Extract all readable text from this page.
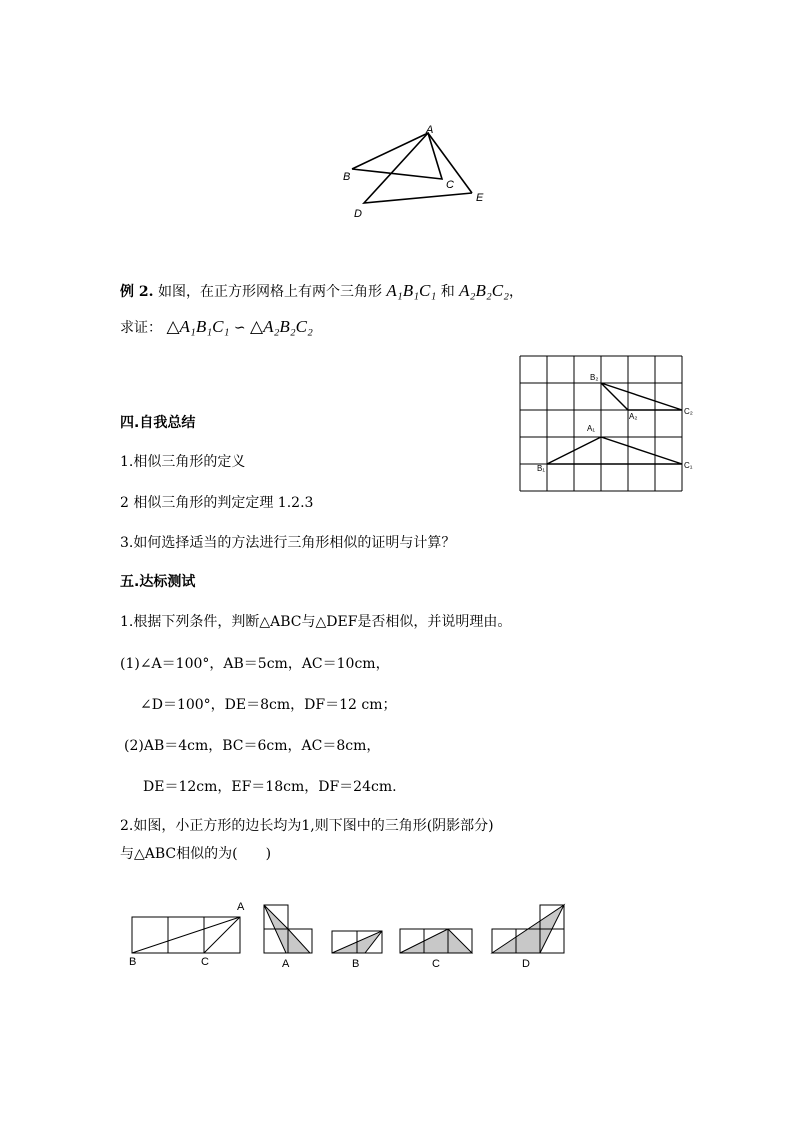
A
B
C
D
E
例 2. 如图，在正方形网格上有两个三角形 A₁B₁C₁ 和 A₂B₂C₂，
求证： △A₁B₁C₁ ∽ △A₂B₂C₂
B₂
A₂
C₂
A₁
B₁	C₁
四.自我总结
1.相似三角形的定义
2 相似三角形的判定定理 1.2.3
3.如何选择适当的方法进行三角形相似的证明与计算？
五.达标测试
1.根据下列条件，判断△ABC与△DEF是否相似，并说明理由。
(1)∠A＝100°，AB＝5cm，AC＝10cm，
∠D＝100°，DE＝8cm，DF＝12 cm；
(2)AB＝4cm，BC＝6cm，AC＝8cm，
DE＝12cm，EF＝18cm，DF＝24cm.
2.如图，小正方形的边长均为1,则下图中的三角形(阴影部分)
与△ABC相似的为(　　)
A
B	C	A	B	C	D
